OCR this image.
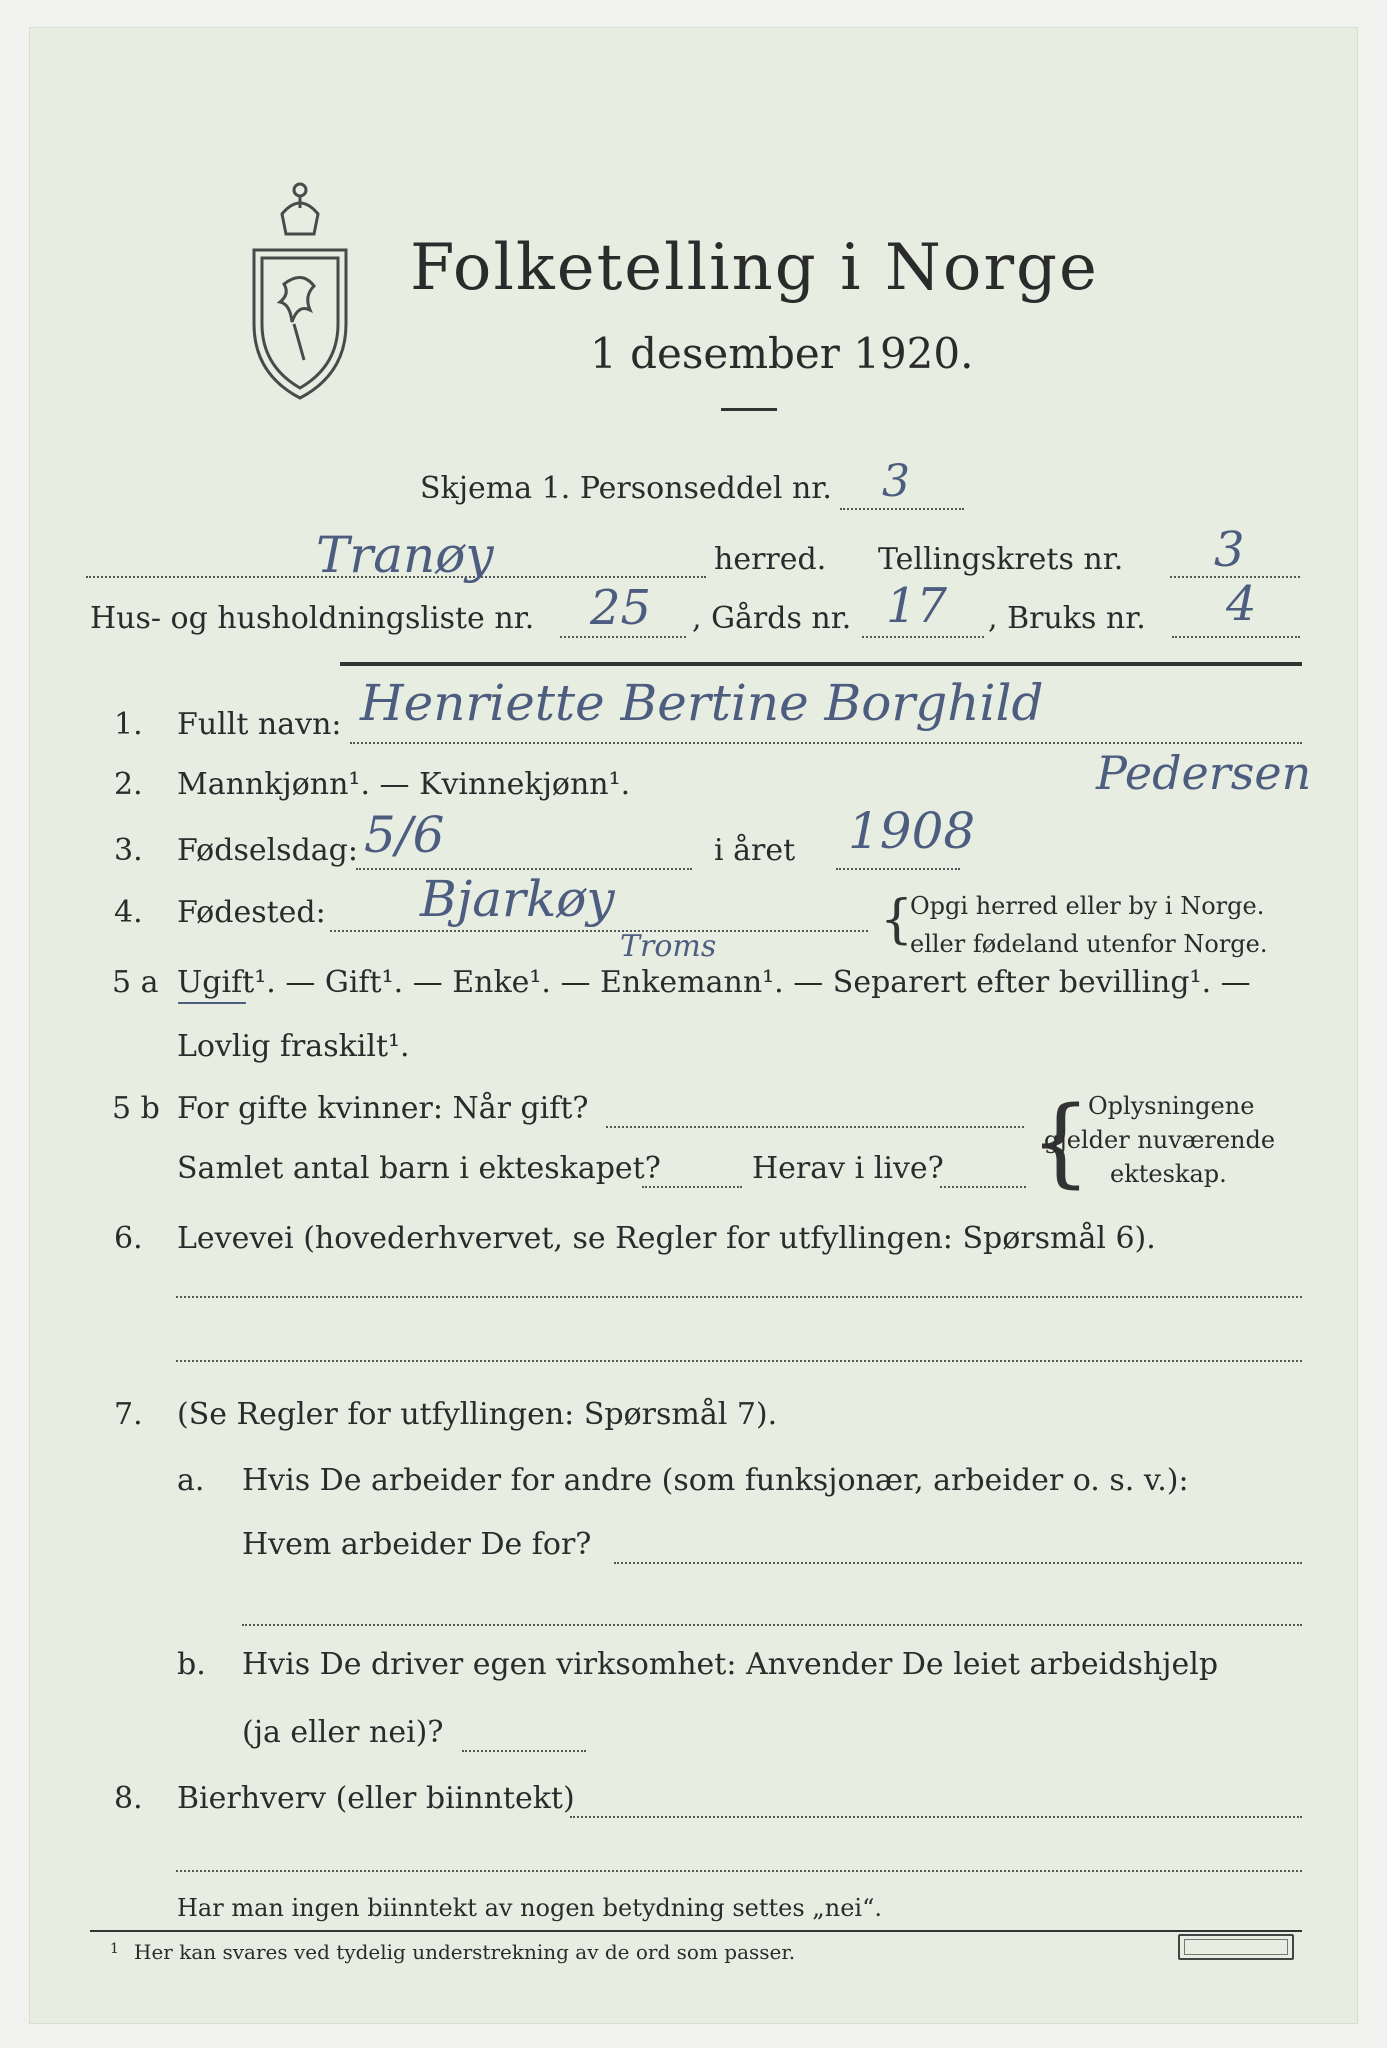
Folketelling i Norge
1 desember 1920.
Skjema 1. Personseddel nr. 3
Tranøy	herred. Tellingskrets nr. 3
Hus- og husholdningsliste nr. 25 , Gårds nr. 17 , Bruks nr. 4
1. Fullt navn: Henriette Bertine Borghild
2. Mannkjønn¹. — Kvinnekjønn¹.	Pedersen
3. Fødselsdag: 5/6	i året 1908
4. Fødested: Bjarkøy
Troms	{
Opgi herred eller by i Norge.
eller fødeland utenfor Norge.
5 a Ugift¹. — Gift¹. — Enke¹. — Enkemann¹. — Separert efter bevilling¹. —
Lovlig fraskilt¹.
5 b For gifte kvinner: Når gift?
Samlet antal barn i ekteskapet?	Herav i live? {
Oplysningene
gjelder nuværende
ekteskap.
6. Levevei (hovederhvervet, se Regler for utfyllingen: Spørsmål 6).
7. (Se Regler for utfyllingen: Spørsmål 7).
a. Hvis De arbeider for andre (som funksjonær, arbeider o. s. v.):
Hvem arbeider De for?
b. Hvis De driver egen virksomhet: Anvender De leiet arbeidshjelp
(ja eller nei)?
8. Bierhverv (eller biinntekt)
Har man ingen biinntekt av nogen betydning settes „nei“.
1 Her kan svares ved tydelig understrekning av de ord som passer.
